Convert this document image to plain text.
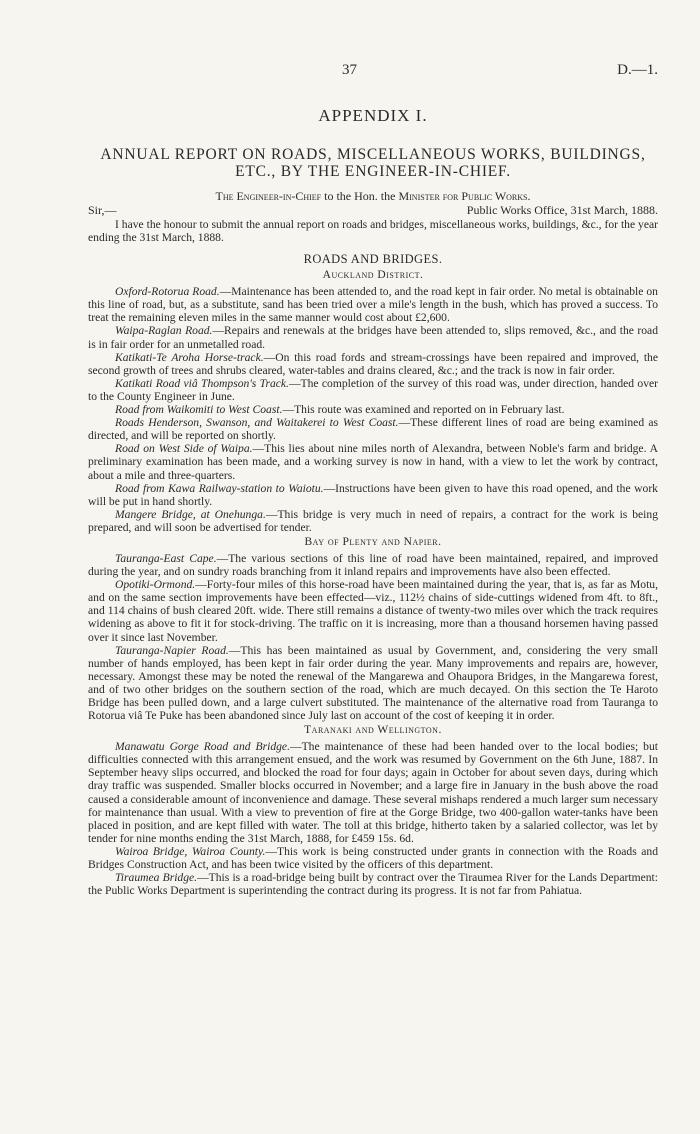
37	D.—1.
APPENDIX I.
ANNUAL REPORT ON ROADS, MISCELLANEOUS WORKS, BUILDINGS, ETC., BY THE ENGINEER-IN-CHIEF.
The Engineer-in-Chief to the Hon. the Minister for Public Works.
Sir,—	Public Works Office, 31st March, 1888.

I have the honour to submit the annual report on roads and bridges, miscellaneous works, buildings, &c., for the year ending the 31st March, 1888.

ROADS AND BRIDGES.
Auckland District.

Oxford-Rotorua Road.—Maintenance has been attended to, and the road kept in fair order. No metal is obtainable on this line of road, but, as a substitute, sand has been tried over a mile's length in the bush, which has proved a success. To treat the remaining eleven miles in the same manner would cost about £2,600.

Waipa-Raglan Road.—Repairs and renewals at the bridges have been attended to, slips removed, &c., and the road is in fair order for an unmetalled road.

Katikati-Te Aroha Horse-track.—On this road fords and stream-crossings have been repaired and improved, the second growth of trees and shrubs cleared, water-tables and drains cleared, &c.; and the track is now in fair order.

Katikati Road viâ Thompson's Track.—The completion of the survey of this road was, under direction, handed over to the County Engineer in June.

Road from Waikomiti to West Coast.—This route was examined and reported on in February last.

Roads Henderson, Swanson, and Waitakerei to West Coast.—These different lines of road are being examined as directed, and will be reported on shortly.

Road on West Side of Waipa.—This lies about nine miles north of Alexandra, between Noble's farm and bridge. A preliminary examination has been made, and a working survey is now in hand, with a view to let the work by contract, about a mile and three-quarters.

Road from Kawa Railway-station to Waiotu.—Instructions have been given to have this road opened, and the work will be put in hand shortly.

Mangere Bridge, at Onehunga.—This bridge is very much in need of repairs, a contract for the work is being prepared, and will soon be advertised for tender.

Bay of Plenty and Napier.

Tauranga-East Cape.—The various sections of this line of road have been maintained, repaired, and improved during the year, and on sundry roads branching from it inland repairs and improvements have also been effected.

Opotiki-Ormond.—Forty-four miles of this horse-road have been maintained during the year, that is, as far as Motu, and on the same section improvements have been effected—viz., 112½ chains of side-cuttings widened from 4ft. to 8ft., and 114 chains of bush cleared 20ft. wide. There still remains a distance of twenty-two miles over which the track requires widening as above to fit it for stock-driving. The traffic on it is increasing, more than a thousand horsemen having passed over it since last November.

Tauranga-Napier Road.—This has been maintained as usual by Government, and, considering the very small number of hands employed, has been kept in fair order during the year. Many improvements and repairs are, however, necessary. Amongst these may be noted the renewal of the Mangarewa and Ohaupora Bridges, in the Mangarewa forest, and of two other bridges on the southern section of the road, which are much decayed. On this section the Te Haroto Bridge has been pulled down, and a large culvert substituted. The maintenance of the alternative road from Tauranga to Rotorua viâ Te Puke has been abandoned since July last on account of the cost of keeping it in order.

Taranaki and Wellington.

Manawatu Gorge Road and Bridge.—The maintenance of these had been handed over to the local bodies; but difficulties connected with this arrangement ensued, and the work was resumed by Government on the 6th June, 1887. In September heavy slips occurred, and blocked the road for four days; again in October for about seven days, during which dray traffic was suspended. Smaller blocks occurred in November; and a large fire in January in the bush above the road caused a considerable amount of inconvenience and damage. These several mishaps rendered a much larger sum necessary for maintenance than usual. With a view to prevention of fire at the Gorge Bridge, two 400-gallon water-tanks have been placed in position, and are kept filled with water. The toll at this bridge, hitherto taken by a salaried collector, was let by tender for nine months ending the 31st March, 1888, for £459 15s. 6d.

Wairoa Bridge, Wairoa County.—This work is being constructed under grants in connection with the Roads and Bridges Construction Act, and has been twice visited by the officers of this department.

Tiraumea Bridge.—This is a road-bridge being built by contract over the Tiraumea River for the Lands Department: the Public Works Department is superintending the contract during its progress. It is not far from Pahiatua.
